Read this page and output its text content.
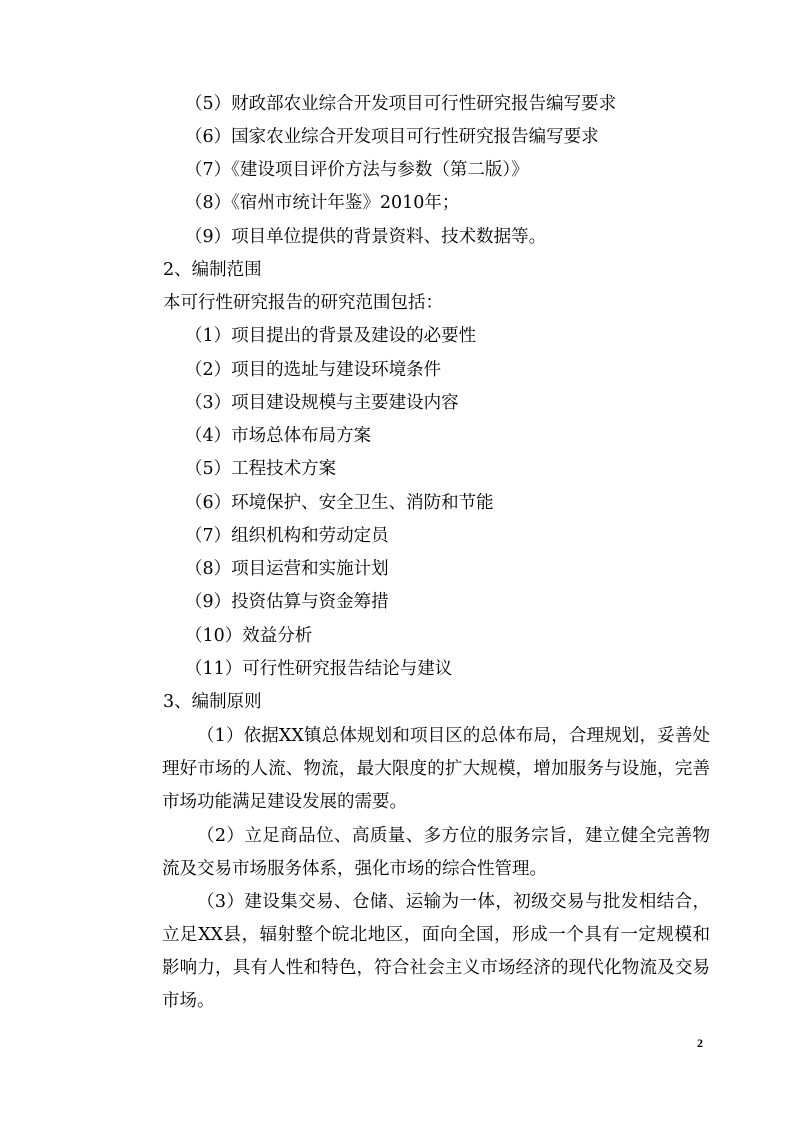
（5）财政部农业综合开发项目可行性研究报告编写要求
（6）国家农业综合开发项目可行性研究报告编写要求
（7）《建设项目评价方法与参数（第二版）》
（8）《宿州市统计年鉴》2010年；
（9）项目单位提供的背景资料、技术数据等。
2、编制范围
本可行性研究报告的研究范围包括：
（1）项目提出的背景及建设的必要性
（2）项目的选址与建设环境条件
（3）项目建设规模与主要建设内容
（4）市场总体布局方案
（5）工程技术方案
（6）环境保护、安全卫生、消防和节能
（7）组织机构和劳动定员
（8）项目运营和实施计划
（9）投资估算与资金筹措
（10）效益分析
（11）可行性研究报告结论与建议
3、编制原则
（1）依据XX镇总体规划和项目区的总体布局，合理规划，妥善处理好市场的人流、物流，最大限度的扩大规模，增加服务与设施，完善市场功能满足建设发展的需要。
（2）立足商品位、高质量、多方位的服务宗旨，建立健全完善物流及交易市场服务体系，强化市场的综合性管理。
（3）建设集交易、仓储、运输为一体，初级交易与批发相结合，立足XX县，辐射整个皖北地区，面向全国，形成一个具有一定规模和影响力，具有人性和特色，符合社会主义市场经济的现代化物流及交易市场。
2
